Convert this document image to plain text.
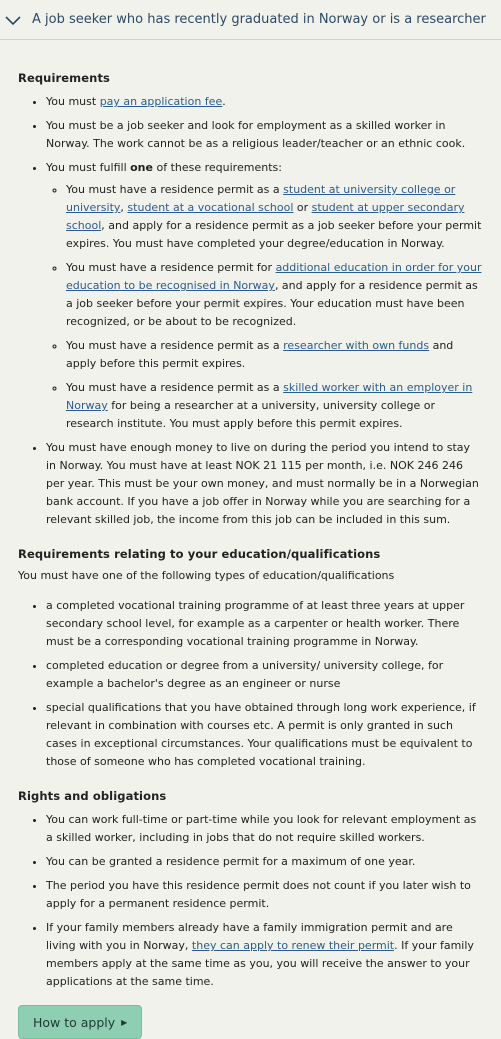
A job seeker who has recently graduated in Norway or is a researcher
Requirements
• You must pay an application fee.
• You must be a job seeker and look for employment as a skilled worker in Norway. The work cannot be as a religious leader/teacher or an ethnic cook.
• You must fulfill one of these requirements:
◦ You must have a residence permit as a student at university college or university, student at a vocational school or student at upper secondary school, and apply for a residence permit as a job seeker before your permit expires. You must have completed your degree/education in Norway.
◦ You must have a residence permit for additional education in order for your education to be recognised in Norway, and apply for a residence permit as a job seeker before your permit expires. Your education must have been recognized, or be about to be recognized.
◦ You must have a residence permit as a researcher with own funds and apply before this permit expires.
◦ You must have a residence permit as a skilled worker with an employer in Norway for being a researcher at a university, university college or research institute. You must apply before this permit expires.
• You must have enough money to live on during the period you intend to stay in Norway. You must have at least NOK 21 115 per month, i.e. NOK 246 246 per year. This must be your own money, and must normally be in a Norwegian bank account. If you have a job offer in Norway while you are searching for a relevant skilled job, the income from this job can be included in this sum.
Requirements relating to your education/qualifications

You must have one of the following types of education/qualifications

• a completed vocational training programme of at least three years at upper secondary school level, for example as a carpenter or health worker. There must be a corresponding vocational training programme in Norway.
• completed education or degree from a university/ university college, for example a bachelor's degree as an engineer or nurse
• special qualifications that you have obtained through long work experience, if relevant in combination with courses etc. A permit is only granted in such cases in exceptional circumstances. Your qualifications must be equivalent to those of someone who has completed vocational training.
Rights and obligations
• You can work full-time or part-time while you look for relevant employment as a skilled worker, including in jobs that do not require skilled workers.
• You can be granted a residence permit for a maximum of one year.
• The period you have this residence permit does not count if you later wish to apply for a permanent residence permit.
• If your family members already have a family immigration permit and are living with you in Norway, they can apply to renew their permit. If your family members apply at the same time as you, you will receive the answer to your applications at the same time.
How to apply ▶
